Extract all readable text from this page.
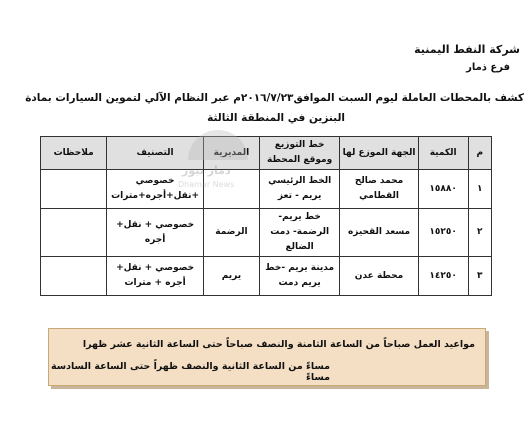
شركة النفط اليمنية
فرع ذمار
كشف بالمحطات العاملة ليوم السبت الموافق٢٠١٦/٧/٢٣م عبر النظام الآلي لتموين السيارات بمادة
البنزين في المنطقة الثالثة
م	الكمية	الجهة الموزع لها	خط التوزيع وموقع المحطة	المديرية	التصنيف	ملاحظات
١	١٥٨٨٠	محمد صالح القطامي	الخط الرئيسي يريم - تعز		خصوصي +نقل+أجره+مترات	
٢	١٥٢٥٠	مسعد القحيزه	خط يريم- الرضمة- دمت الضالع	الرضمة	خصوصي + نقل+ أجره	
٣	١٤٢٥٠	محطة عدن	مدينة يريم -خط يريم دمت	يريم	خصوصي + نقل+ أجره + مترات	
ذمار نيوز
Dhamar News
مواعيد العمل صباحاً من الساعة الثامنة والنصف صباحاً حتى الساعة الثانية عشر ظهرا
مساءً من الساعة الثانية والنصف ظهراً حتى الساعة السادسة مساءً
